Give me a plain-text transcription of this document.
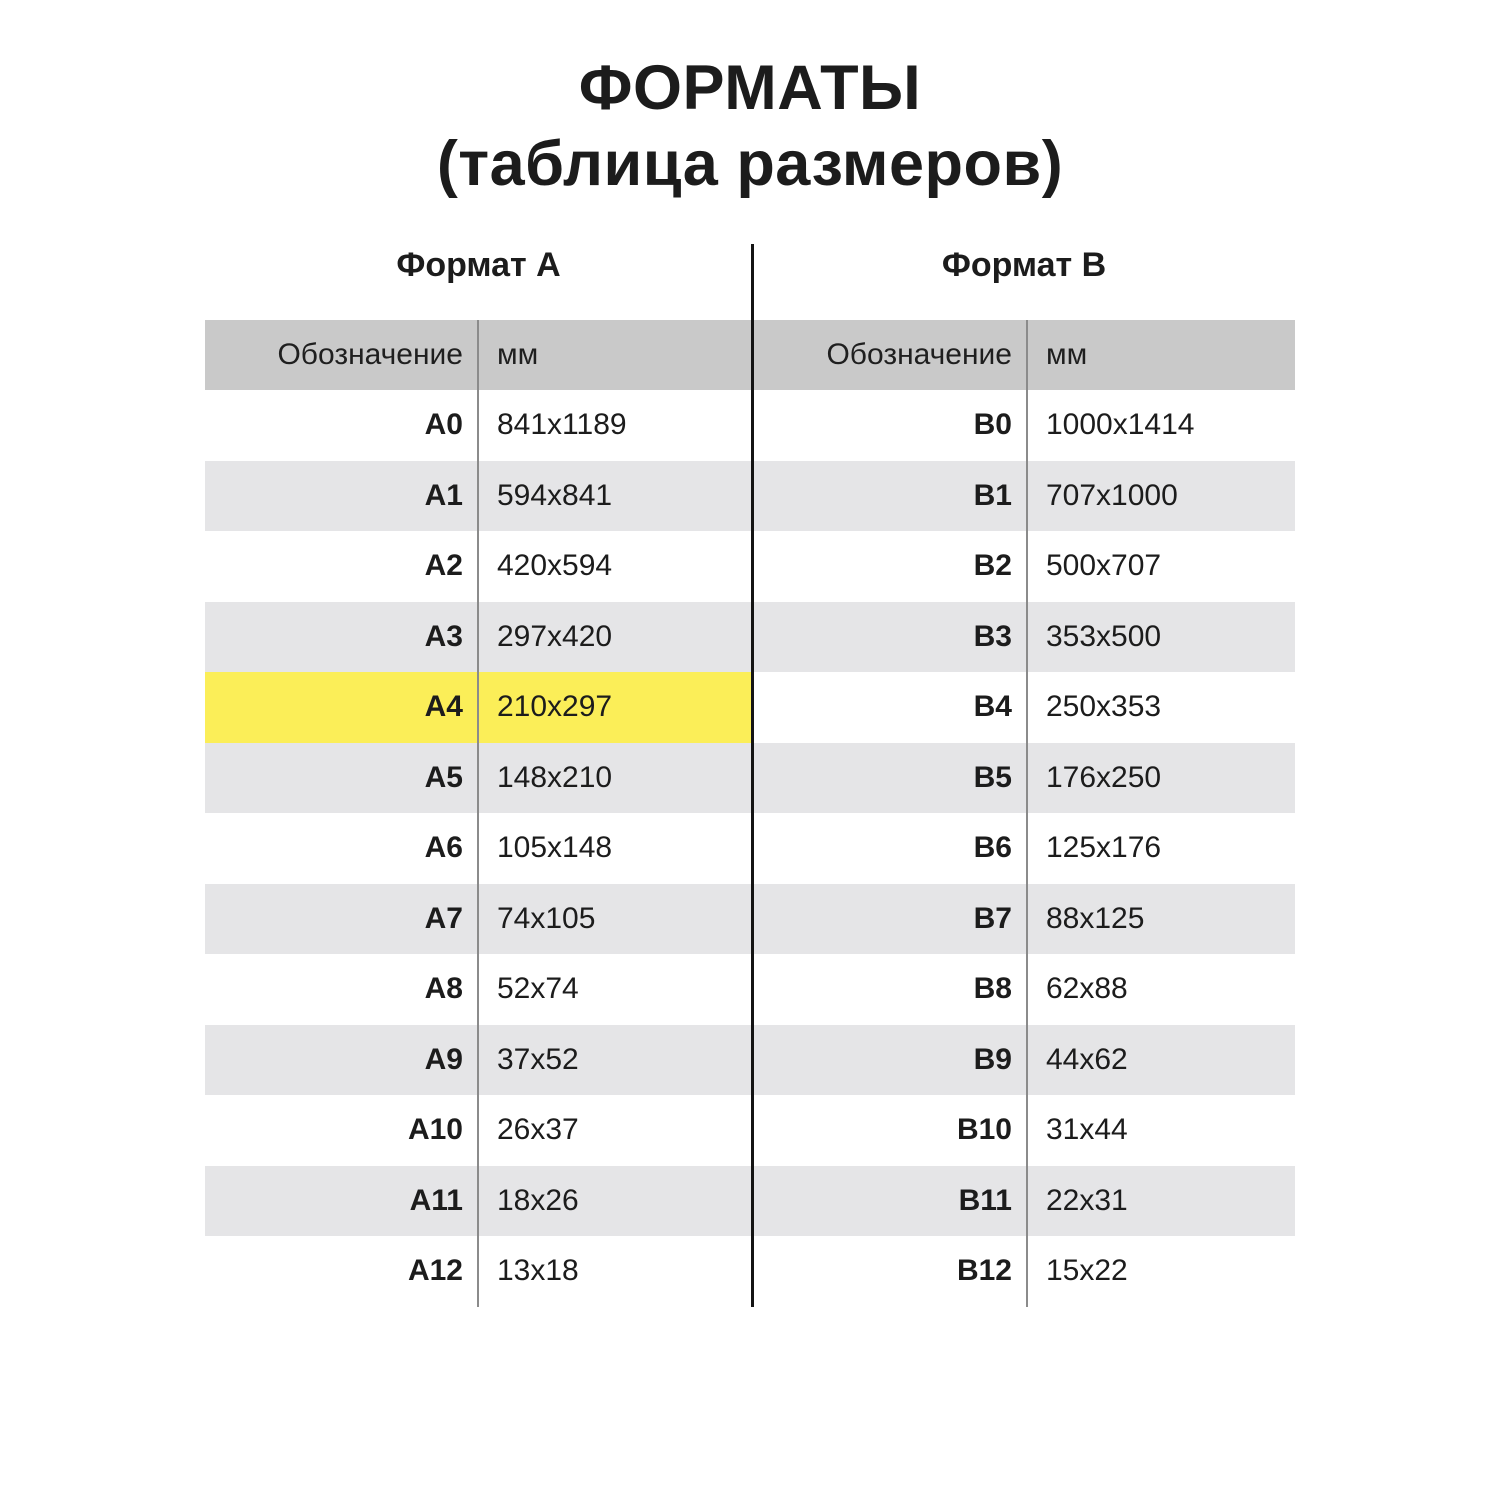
ФОРМАТЫ
(таблица размеров)
Формат А	Формат B
Обозначение	мм
A0	841x1189
A1	594x841
A2	420x594
A3	297x420
A4	210x297
A5	148x210
A6	105x148
A7	74x105
A8	52x74
A9	37x52
A10	26x37
A11	18x26
A12	13x18
Обозначение	мм
B0	1000x1414
B1	707x1000
B2	500x707
B3	353x500
B4	250x353
B5	176x250
B6	125x176
B7	88x125
B8	62x88
B9	44x62
B10	31x44
B11	22x31
B12	15x22
